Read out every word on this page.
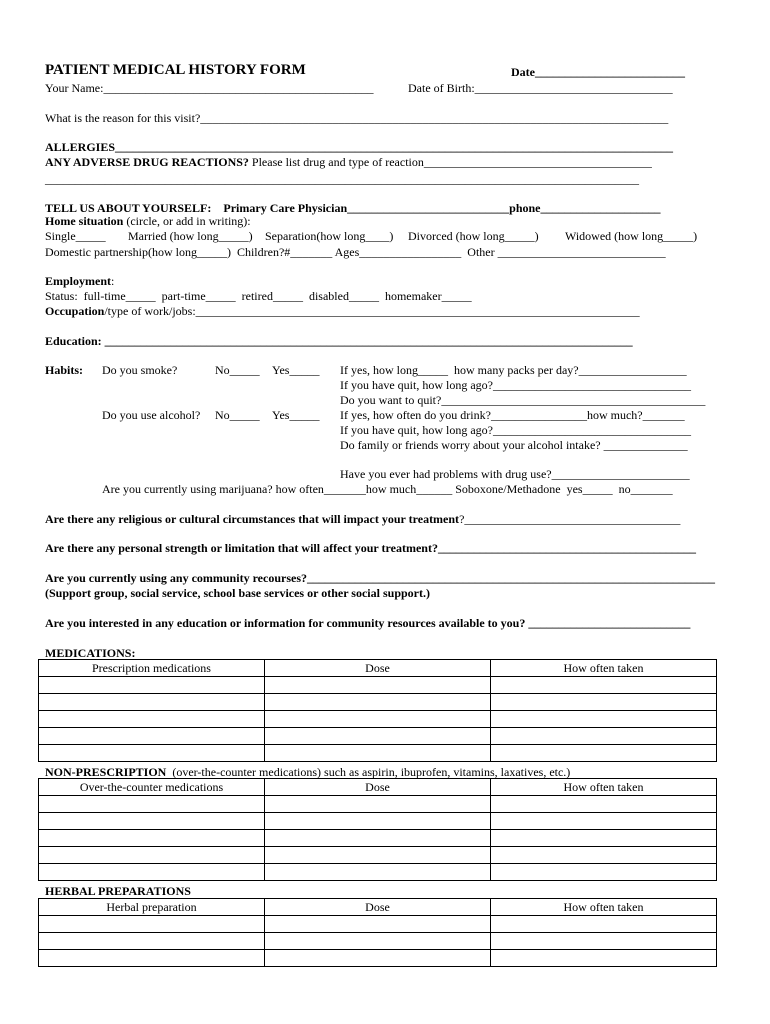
PATIENT MEDICAL HISTORY FORM	Date_________________________
Your Name:_____________________________________________	Date of Birth:_________________________________
What is the reason for this visit?______________________________________________________________________________
ALLERGIES_____________________________________________________________________________________________
ANY ADVERSE DRUG REACTIONS? Please list drug and type of reaction______________________________________
___________________________________________________________________________________________________
TELL US ABOUT YOURSELF:    Primary Care Physician___________________________phone____________________
Home situation (circle, or add in writing):
Single_____ Married (how long_____) Separation(how long____) Divorced (how long_____) Widowed (how long_____)
Domestic partnership(how long_____)  Children?#_______ Ages_________________  Other ____________________________
Employment:
Status:  full-time_____  part-time_____  retired_____  disabled_____  homemaker_____
Occupation/type of work/jobs:__________________________________________________________________________
Education: ________________________________________________________________________________________
Habits: Do you smoke?	No_____ Yes_____ If yes, how long_____  how many packs per day?__________________
If you have quit, how long ago?_________________________________
Do you want to quit?____________________________________________
Do you use alcohol? No_____ Yes_____ If yes, how often do you drink?________________how much?_______
If you have quit, how long ago?_________________________________
Do family or friends worry about your alcohol intake? ______________
Have you ever had problems with drug use?_______________________
Are you currently using marijuana? how often_______how much______ Soboxone/Methadone  yes_____  no_______
Are there any religious or cultural circumstances that will impact your treatment?____________________________________
Are there any personal strength or limitation that will affect your treatment?___________________________________________
Are you currently using any community recourses?____________________________________________________________________
(Support group, social service, school base services or other social support.)
Are you interested in any education or information for community resources available to you? ___________________________
MEDICATIONS:
Prescription medications	Dose	How often taken

NON-PRESCRIPTION  (over-the-counter medications) such as aspirin, ibuprofen, vitamins, laxatives, etc.)
Over-the-counter medications	Dose	How often taken

HERBAL PREPARATIONS
Herbal preparation	Dose	How often taken
